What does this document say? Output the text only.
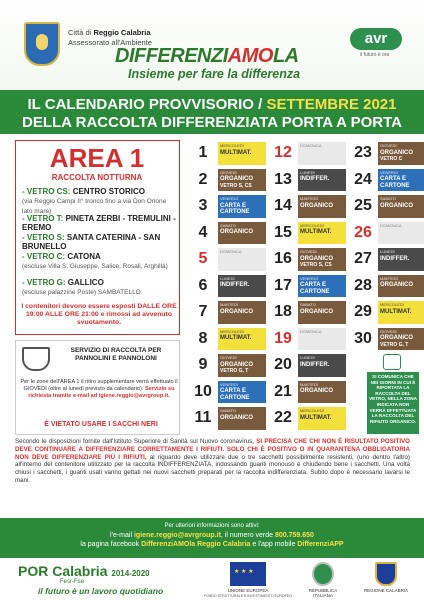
Città di Reggio Calabria
Assessorato all'Ambiente
DIFFERENZIAMOLA
Insieme per fare la differenza
avr
il futuro è ora
IL CALENDARIO PROVVISORIO / SETTEMBRE 2021
DELLA RACCOLTA DIFFERENZIATA PORTA A PORTA
AREA 1
RACCOLTA NOTTURNA
- VETRO CS: CENTRO STORICO
(via Reggio Campi II° tronco fino a via Don Orione lato mare)
- VETRO T: PINETA ZERBI - TREMULINI - EREMO
- VETRO S: SANTA CATERINA - SAN BRUNELLO
- VETRO C: CATONA
(escluse Villa S. Giuseppe, Salice, Rosali, Arghillà)
- VETRO G: GALLICO
(escluse palazzine Poste) SAMBATELLO
I contenitori devono essere esposti DALLE ORE 19:00 ALLE ORE 21:00 e rimossi ad avvenuto svuotamento.
SERVIZIO DI RACCOLTA PER PANNOLINI E PANNOLONI
Per le zone dell'AREA 1 il ritiro supplementare verrà effettuato il GIOVEDÌ (oltre al lunedì previsto da calendario). Servizio su richiesta tramite e-mail ad igiene.reggio@avrgroup.it.
È VIETATO USARE I SACCHI NERI
1	MERCOLEDÌ
MULTIMAT.
2	GIOVEDÌ
ORGANICO
VETRO S, CS
3	VENERDÌ
CARTA E CARTONE
4	SABATO
ORGANICO
5	DOMENICA
6	LUNEDÌ
INDIFFER.
7	MARTEDÌ
ORGANICO
8	MERCOLEDÌ
MULTIMAT.
9	GIOVEDÌ
ORGANICO
VETRO G, T
10	VENERDÌ
CARTA E CARTONE
11	SABATO
ORGANICO
12	DOMENICA
13	LUNEDÌ
INDIFFER.
14	MARTEDÌ
ORGANICO
15	MERCOLEDÌ
MULTIMAT.
16	GIOVEDÌ
ORGANICO
VETRO S, CS
17	VENERDÌ
CARTA E CARTONE
18	SABATO
ORGANICO
19	DOMENICA
20	LUNEDÌ
INDIFFER.
21	MARTEDÌ
ORGANICO
22	MERCOLEDÌ
MULTIMAT.
23	GIOVEDÌ
ORGANICO
VETRO C
24	VENERDÌ
CARTA E CARTONE
25	SABATO
ORGANICO
26	DOMENICA
27	LUNEDÌ
INDIFFER.
28	MARTEDÌ
ORGANICO
29	MERCOLEDÌ
MULTIMAT.
30	GIOVEDÌ
ORGANICO
VETRO G, T
SI COMUNICA CHE NEI GIORNI IN CUI È RIPORTATA LA RACCOLTA DEL VETRO, NELLA ZONA INDICATA NON VERRÀ EFFETTUATA LA RACCOLTA DEL RIFIUTO ORGANICO.
Secondo le disposizioni fornite dall'Istituto Superiore di Sanità sul Nuovo coronavirus, SI PRECISA CHE CHI NON È RISULTATO POSITIVO DEVE CONTINUARE A DIFFERENZIARE CORRETTAMENTE I RIFIUTI. SOLO CHI È POSITIVO O IN QUARANTENA OBBLIGATORIA NON DEVE DIFFERENZIARE PIÙ I RIFIUTI, al riguardo deve utilizzare due o tre sacchetti possibilmente resistenti, (uno dentro l'altro) all'interno del contenitore utilizzato per la raccolta INDIFFERENZIATA, indossando guanti monouso e chiudendo bene i sacchetti. Una volta chiusi i sacchetti, i guanti usati vanno gettati nei nuovi sacchetti preparati per la raccolta indifferenziata. Subito dopo è necessario lavarsi le mani.
Per ulteriori informazioni sono attivi:
l'e-mail igiene.reggio@avrgroup.it, il numero verde 800.759.650
la pagina facebook DifferenziAMOla Reggio Calabria e l'app mobile DifferenziAPP
POR Calabria 2014-2020
Fesr-Fse
il futuro è un lavoro quotidiano
★ ★ ★	UNIONE EUROPEA
FONDO STRUTTURALE E INVESTIMENTO EUROPEO
REPUBBLICA ITALIANA
REGIONE CALABRIA
